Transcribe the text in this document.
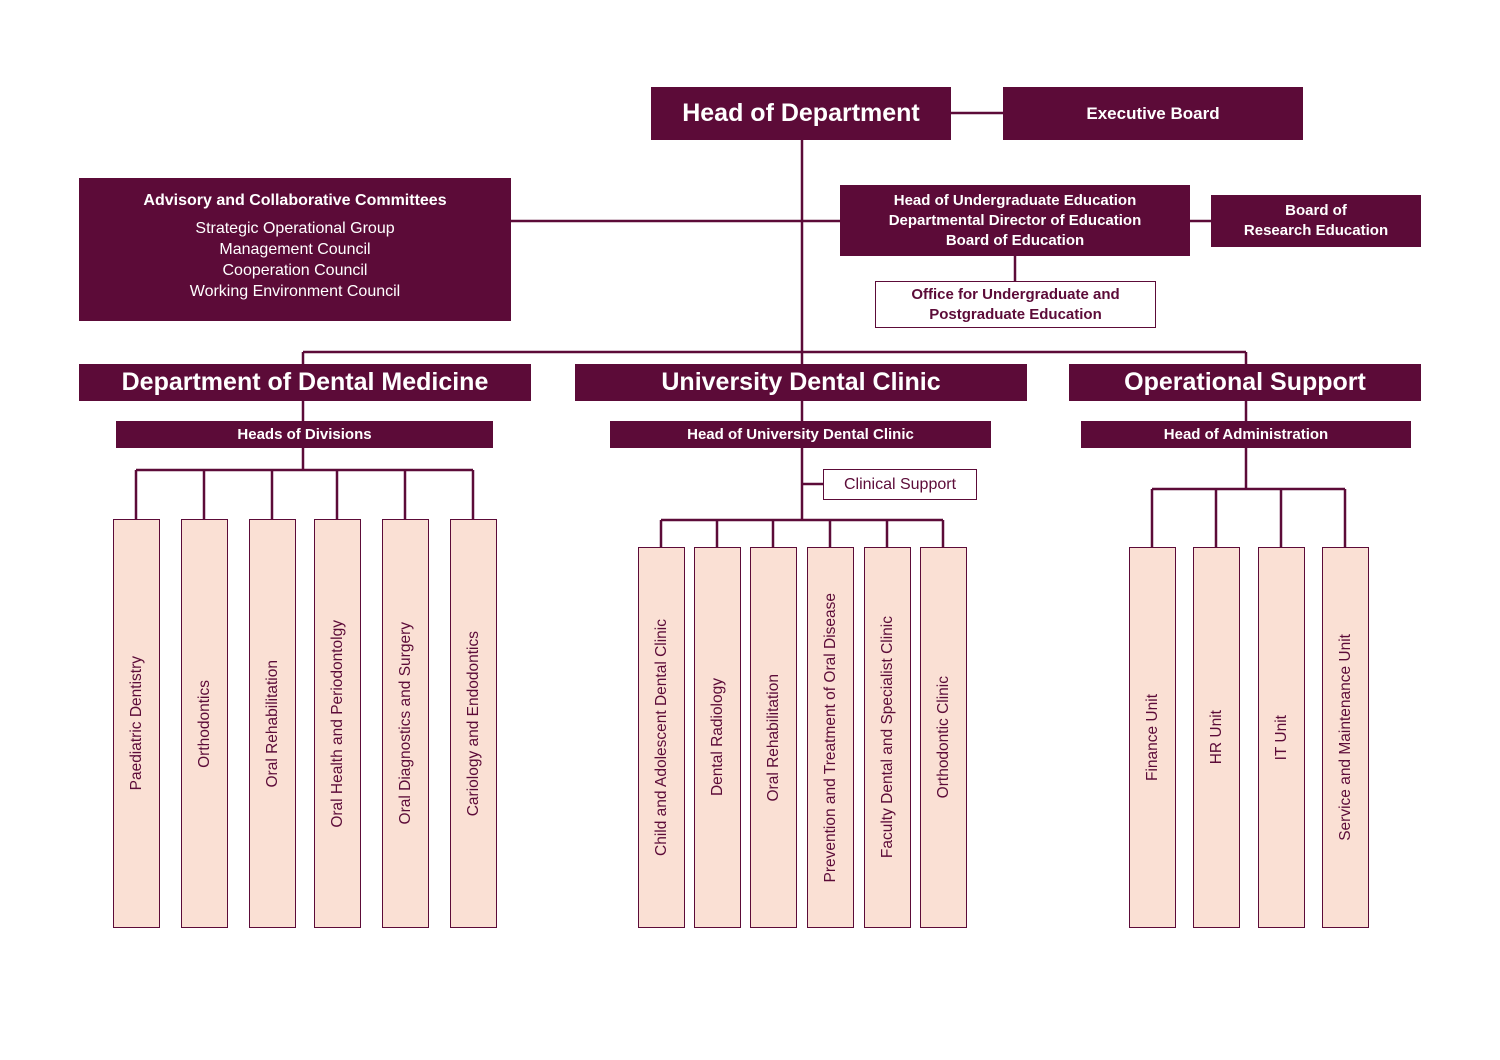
Head of Department	Executive Board
Advisory and Collaborative Committees
Strategic Operational Group
Management Council
Cooperation Council
Working Environment Council
Head of Undergraduate Education
Departmental Director of Education
Board of Education
Board of
Research Education
Office for Undergraduate and
Postgraduate Education
Department of Dental Medicine
Heads of Divisions
Paediatric Dentistry	Orthodontics	Oral Rehabilitation	Oral Health and Periodontolgy	Oral Diagnostics and Surgery	Cariology and Endodontics
University Dental Clinic
Head of University Dental Clinic
Clinical Support
Child and Adolescent Dental Clinic	Dental Radiology	Oral Rehabilitation	Prevention and Treatment of Oral Disease	Faculty Dental and Specialist Clinic	Orthodontic Clinic
Operational Support
Head of Administration
Finance Unit	HR Unit	IT Unit	Service and Maintenance Unit
